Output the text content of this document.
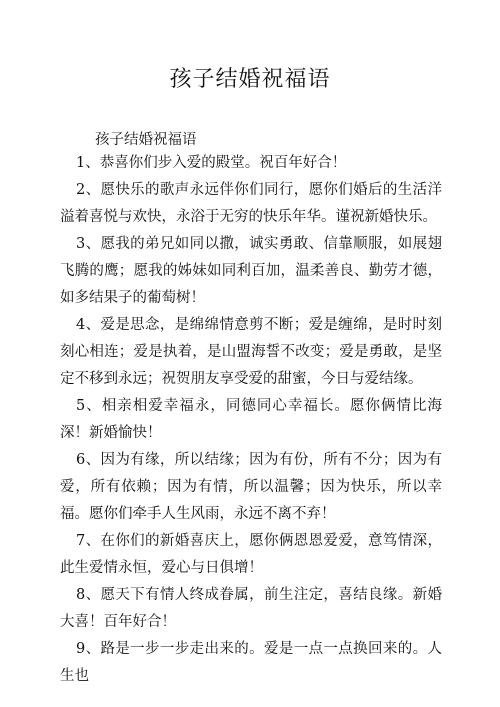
孩子结婚祝福语
孩子结婚祝福语

1、恭喜你们步入爱的殿堂。祝百年好合！

2、愿快乐的歌声永远伴你们同行，愿你们婚后的生活洋溢着喜悦与欢快，永浴于无穷的快乐年华。谨祝新婚快乐。

3、愿我的弟兄如同以撒，诚实勇敢、信靠顺服，如展翅飞腾的鹰；愿我的姊妹如同利百加，温柔善良、勤劳才德，如多结果子的葡萄树！

4、爱是思念，是绵绵情意剪不断；爱是缠绵，是时时刻刻心相连；爱是执着，是山盟海誓不改变；爱是勇敢，是坚定不移到永远；祝贺朋友享受爱的甜蜜，今日与爱结缘。

5、相亲相爱幸福永，同德同心幸福长。愿你俩情比海深！新婚愉快！

6、因为有缘，所以结缘；因为有份，所有不分；因为有爱，所有依赖；因为有情，所以温馨；因为快乐，所以幸福。愿你们牵手人生风雨，永远不离不弃！

7、在你们的新婚喜庆上，愿你俩恩恩爱爱，意笃情深，此生爱情永恒，爱心与日俱增！

8、愿天下有情人终成眷属，前生注定，喜结良缘。新婚大喜！百年好合！

9、路是一步一步走出来的。爱是一点一点换回来的。人生也
